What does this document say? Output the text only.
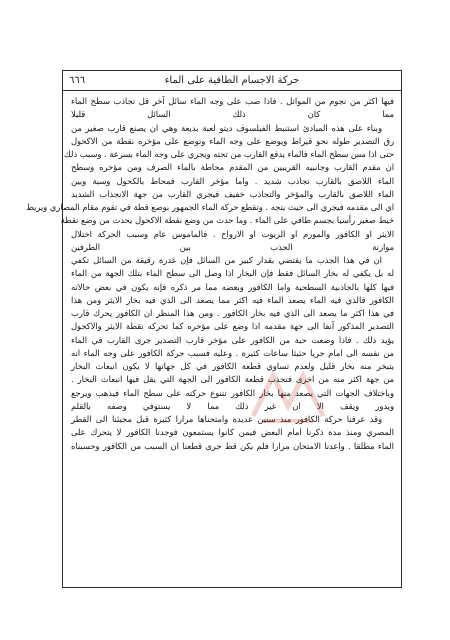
٦٦٦	حركة الاجسام الطافية على الماء
فيها اكثر من نجوم من المواتل . فاذا صب على وجه الماء سائل آخر قل تجاذب سطح الماء
مما كان ذلك السائل قليلا
وبناء على هذه المبادئ استنبط الفيلسوف ديتو لعبة بديعة وهي ان يصنع قارب صغير من
رق التصدير طوله نحو قيراط ويوضع على وجه الماء وتوضع على مؤخره نقطة من الاكحول
حتى اذا مس سطح الماء فالماء يدفع القارب من تحته ويجري على وجه الماء بسرعة . وسبب ذلك
ان مقدم القارب وجانبيه القريبين من المقدم محاطة بالماء الصرف ومن مؤخره وسطح
الماء اللاصق بالقارب تجاذب شديد . واما مؤخر القارب فمحاط بالكحول وسبة وبين
الماء اللاصق بالقارب والمؤخر والتجاذب خفيف فيجري القارب من جهة الانجذاب الشديد
اي الى مقدمه فيجري الى حيث يتجه . وتقطع حركة الماء الجمهور بوضع قطة في تقوم مقام المصاري ويربط
خيط صغير رأسيا بجسم طافي على الماء . وما حدث من وضع نقطة الاكحول يحدث من وضع نقطة
الايثر او الكافور والمورم او الزيوت او الارواح . فالماموس عام وسبب الحركة اختلال
موازنة الجذب بين الطرفين
ان في هذا الجذب ما يقتضي بقدار كبير من السائل فإن غدرة رقيقة من السائل تكفي
له بل يكفي له بخار السائل فقط فإن البخار اذا وصل الى سطح الماء بتلك الجهة من الماء
فيها كلها بالجاذبية السطحية واما الكافور وبعضه مما مر ذكره فإنه يكون في بعض حالاته
الكافور فالذي فيه الماء يصعد الماء فيه اكثر مما يصعد الى الذي فيه بخار الايثر ومن هذا
في هذا اكثر ما يصعد الى الذي فيه بخار الكافور . ومن هذا المنظر ان الكافور يحرك قارب
التصدير المذكور آنفا الى جهة مقدمه اذا وضع على مؤخره كما تحركه نقطة الايثر والاكحول
يؤيد ذلك . فاذا وضعت حبة من الكافور على مؤخر قارب التصدير جرى القارب في الماء
من نفسه الى امام جريا حثيثا ساعات كثيرة . وعليه فسبب حركة الكافور على وجه الماء انه
يتبخر منه بخار قليل ولعدم تساوي قطعة الكافور في كل جهاتها لا يكون انبعاث البخار
من جهة اكثر منه من اخرى فتجذب قطعة الكافور الى الجهة التي يقل فيها انبعاث البخار .
وباختلاف الجهات التي يصعد منها بخار الكافور تتنوع حركته على سطح الماء فيذهب ويرجع
ويدور ويقف الا ان غير ذلك مما لا يستوفي وصفه بالقلم
وقد عرفنا حركة الكافور منذ سنين عديدة وامتحناها مرارا كثيرة قبل مجيئنا الى القطر
المصري ومنذ مدة ذكرنا امام البعض فيمن كانوا يستمعون فوجدنا الكافور لا يتحرك على
الماء مطلقا . واعدنا الامتحان مرارا فلم يكن قط جرى قطعنا ان السبب من الكافور وحسبناه
